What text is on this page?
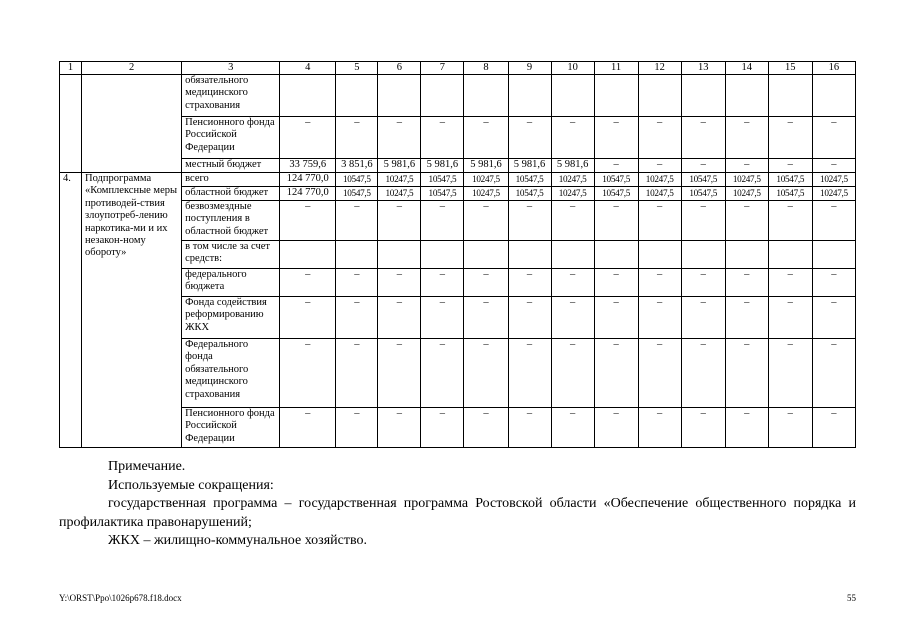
1	2	3	4	5	6	7	8	9	10	11	12	13	14	15	16
		обязательного медицинского страхования													
		Пенсионного фонда Российской Федерации	–	–	–	–	–	–	–	–	–	–	–	–	–
		местный бюджет	33 759,6	3 851,6	5 981,6	5 981,6	5 981,6	5 981,6	5 981,6	–	–	–	–	–	–
4.	Подпрограмма «Комплексные меры противодей-ствия злоупотреб-лению наркотика-ми и их незакон-ному обороту»	всего	124 770,0	10547,5	10247,5	10547,5	10247,5	10547,5	10247,5	10547,5	10247,5	10547,5	10247,5	10547,5	10247,5
		областной бюджет	124 770,0	10547,5	10247,5	10547,5	10247,5	10547,5	10247,5	10547,5	10247,5	10547,5	10247,5	10547,5	10247,5
		безвозмездные поступления в областной бюджет	–	–	–	–	–	–	–	–	–	–	–	–	–
		в том числе за счет средств:													
		федерального бюджета	–	–	–	–	–	–	–	–	–	–	–	–	–
		Фонда содействия реформированию ЖКХ	–	–	–	–	–	–	–	–	–	–	–	–	–
		Федерального фонда обязательного медицинского страхования	–	–	–	–	–	–	–	–	–	–	–	–	–
		Пенсионного фонда Российской Федерации	–	–	–	–	–	–	–	–	–	–	–	–	–

Примечание.

Используемые сокращения:

государственная программа – государственная программа Ростовской области «Обеспечение общественного порядка и профилактика правонарушений;

ЖКХ – жилищно-коммунальное хозяйство.

Y:\ORST\Ppo\1026p678.f18.docx	55
